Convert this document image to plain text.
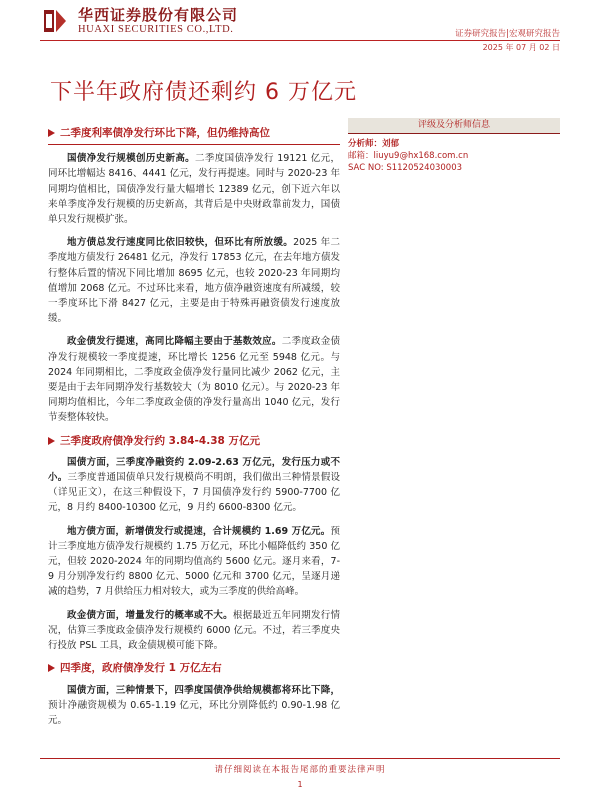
华西证券股份有限公司
HUAXI SECURITIES CO.,LTD.	证券研究报告|宏观研究报告
2025 年 07 月 02 日
下半年政府债还剩约 6 万亿元
二季度利率债净发行环比下降，但仍维持高位

国债净发行规模创历史新高。二季度国债净发行 19121 亿元，同环比增幅达 8416、4441 亿元，发行再提速。同时与 2020-23 年同期均值相比，国债净发行量大幅增长 12389 亿元，创下近六年以来单季度净发行规模的历史新高，其背后是中央财政靠前发力，国债单只发行规模扩张。

地方债总发行速度同比依旧较快，但环比有所放缓。2025 年二季度地方债发行 26481 亿元，净发行 17853 亿元，在去年地方债发行整体后置的情况下同比增加 8695 亿元，也较 2020-23 年同期均值增加 2068 亿元。不过环比来看，地方债净融资速度有所减缓，较一季度环比下滑 8427 亿元，主要是由于特殊再融资债发行速度放缓。

政金债发行提速，高同比降幅主要由于基数效应。二季度政金债净发行规模较一季度提速，环比增长 1256 亿元至 5948 亿元。与 2024 年同期相比，二季度政金债净发行量同比减少 2062 亿元，主要是由于去年同期净发行基数较大（为 8010 亿元）。与 2020-23 年同期均值相比，今年二季度政金债的净发行量高出 1040 亿元，发行节奏整体较快。

三季度政府债净发行约 3.84-4.38 万亿元

国债方面，三季度净融资约 2.09-2.63 万亿元，发行压力或不小。三季度普通国债单只发行规模尚不明朗，我们做出三种情景假设（详见正文），在这三种假设下，7 月国债净发行约 5900-7700 亿元，8 月约 8400-10300 亿元，9 月约 6600-8300 亿元。

地方债方面，新增债发行或提速，合计规模约 1.69 万亿元。预计三季度地方债净发行规模约 1.75 万亿元，环比小幅降低约 350 亿元，但较 2020-2024 年的同期均值高约 5600 亿元。逐月来看，7-9 月分别净发行约 8800 亿元、5000 亿元和 3700 亿元，呈逐月递减的趋势，7 月供给压力相对较大，或为三季度的供给高峰。

政金债方面，增量发行的概率或不大。根据最近五年同期发行情况，估算三季度政金债净发行规模约 6000 亿元。不过，若三季度央行投放 PSL 工具，政金债规模可能下降。

四季度，政府债净发行 1 万亿左右

国债方面，三种情景下，四季度国债净供给规模都将环比下降，预计净融资规模为 0.65-1.19 亿元，环比分别降低约 0.90-1.98 亿元。

评级及分析师信息
分析师：刘郁
邮箱：liuyu9@hx168.com.cn
SAC NO: S1120524030003
请仔细阅读在本报告尾部的重要法律声明
1
